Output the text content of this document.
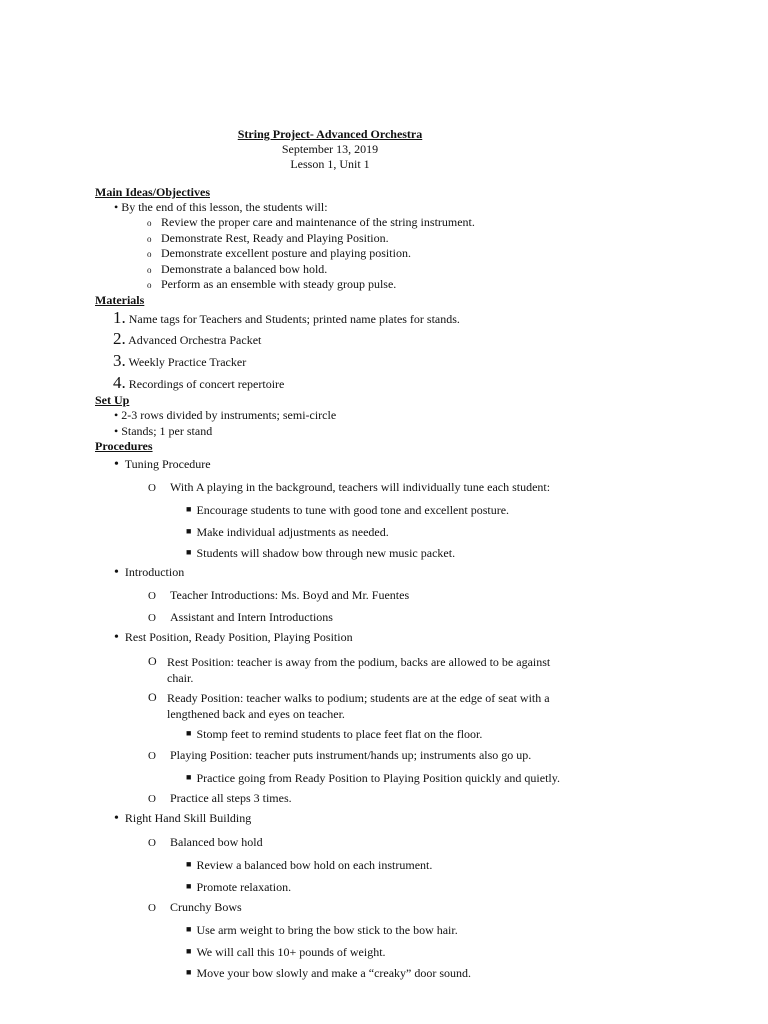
String Project- Advanced Orchestra
September 13, 2019
Lesson 1, Unit 1
Main Ideas/Objectives
• By the end of this lesson, the students will:
o Review the proper care and maintenance of the string instrument.
o Demonstrate Rest, Ready and Playing Position.
o Demonstrate excellent posture and playing position.
o Demonstrate a balanced bow hold.
o Perform as an ensemble with steady group pulse.
Materials
1. Name tags for Teachers and Students; printed name plates for stands.
2. Advanced Orchestra Packet
3. Weekly Practice Tracker
4. Recordings of concert repertoire
Set Up
• 2-3 rows divided by instruments; semi-circle
• Stands; 1 per stand
Procedures
• Tuning Procedure
O With A playing in the background, teachers will individually tune each student:
■ Encourage students to tune with good tone and excellent posture.
■ Make individual adjustments as needed.
■ Students will shadow bow through new music packet.
• Introduction
O Teacher Introductions: Ms. Boyd and Mr. Fuentes
O Assistant and Intern Introductions
• Rest Position, Ready Position, Playing Position
O Rest Position: teacher is away from the podium, backs are allowed to be against chair.
O Ready Position: teacher walks to podium; students are at the edge of seat with a lengthened back and eyes on teacher.
■ Stomp feet to remind students to place feet flat on the floor.
O Playing Position: teacher puts instrument/hands up; instruments also go up.
■ Practice going from Ready Position to Playing Position quickly and quietly.
O Practice all steps 3 times.
• Right Hand Skill Building
O Balanced bow hold
■ Review a balanced bow hold on each instrument.
■ Promote relaxation.
O Crunchy Bows
■ Use arm weight to bring the bow stick to the bow hair.
■ We will call this 10+ pounds of weight.
■ Move your bow slowly and make a “creaky” door sound.
